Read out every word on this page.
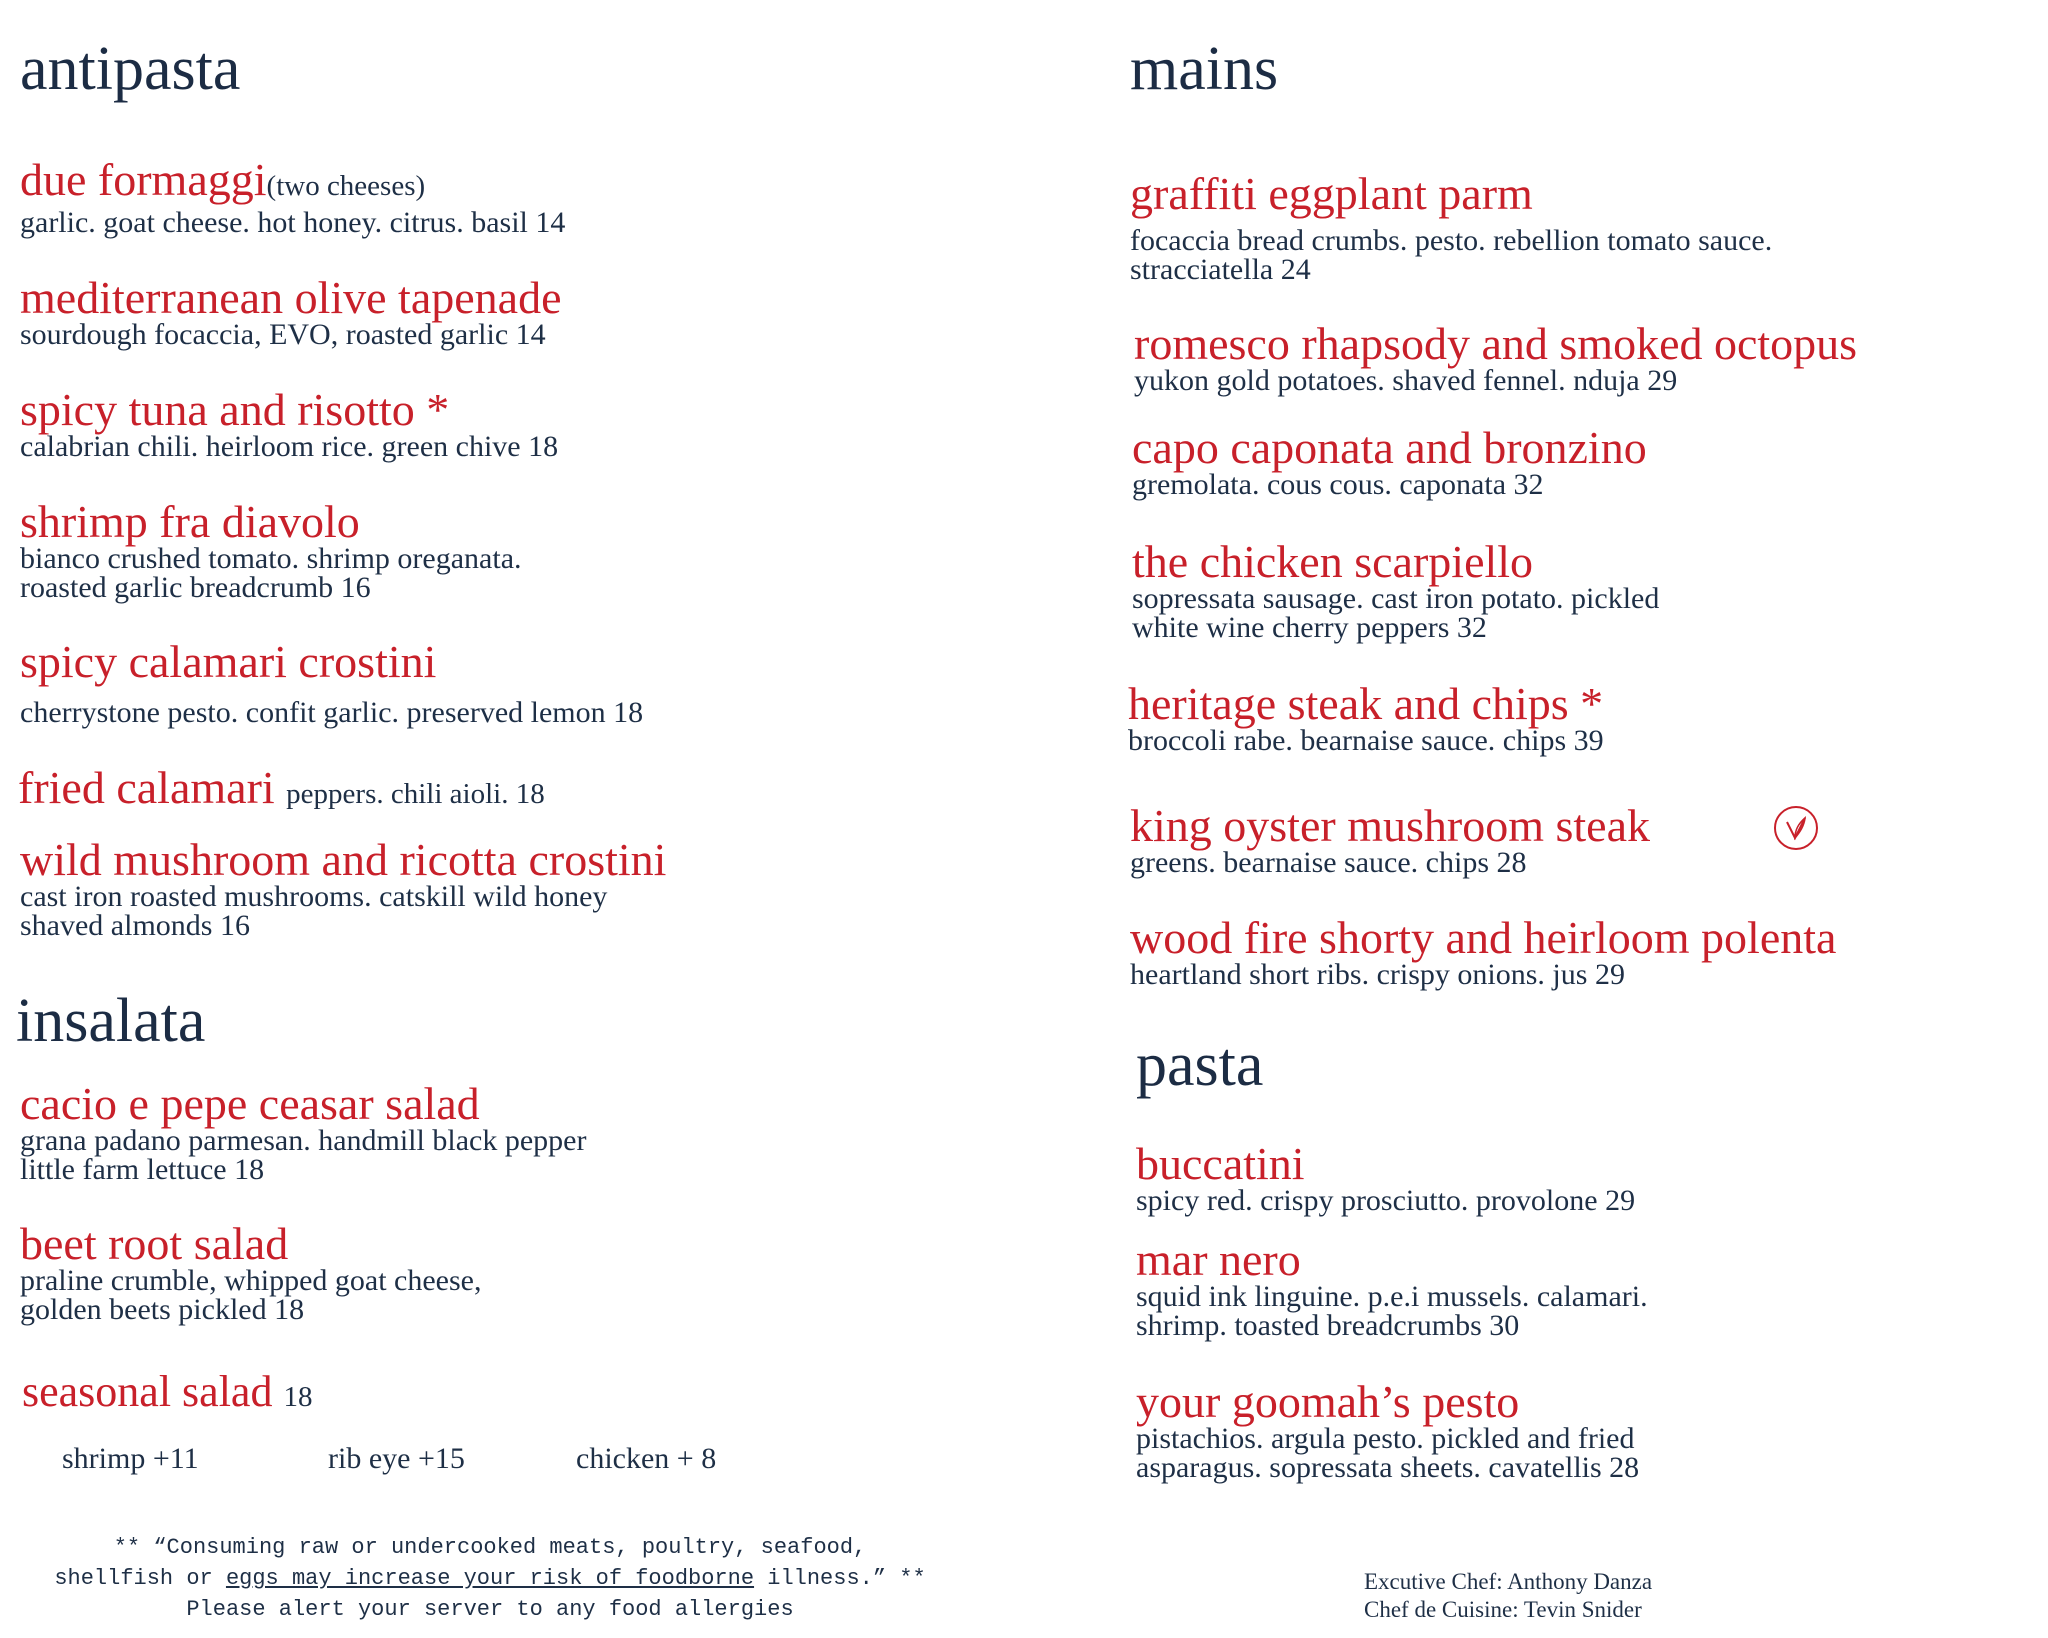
antipasta
due formaggi(two cheeses)
garlic. goat cheese. hot honey. citrus. basil 14
mediterranean olive tapenade
sourdough focaccia, EVO, roasted garlic 14
spicy tuna and risotto *
calabrian chili. heirloom rice. green chive 18
shrimp fra diavolo
bianco crushed tomato. shrimp oreganata.
roasted garlic breadcrumb 16
spicy calamari crostini
cherrystone pesto. confit garlic. preserved lemon 18
fried calamari peppers. chili aioli. 18
wild mushroom and ricotta crostini
cast iron roasted mushrooms. catskill wild honey
shaved almonds 16
insalata
cacio e pepe ceasar salad
grana padano parmesan. handmill black pepper
little farm lettuce 18
beet root salad
praline crumble, whipped goat cheese,
golden beets pickled 18
seasonal salad 18
shrimp +11	rib eye +15	chicken + 8
** “Consuming raw or undercooked meats, poultry, seafood,
shellfish or eggs may increase your risk of foodborne illness.” **
Please alert your server to any food allergies
mains
graffiti eggplant parm
focaccia bread crumbs. pesto. rebellion tomato sauce.
stracciatella 24
romesco rhapsody and smoked octopus
yukon gold potatoes. shaved fennel. nduja 29
capo caponata and bronzino
gremolata. cous cous. caponata 32
the chicken scarpiello
sopressata sausage. cast iron potato. pickled
white wine cherry peppers 32
heritage steak and chips *
broccoli rabe. bearnaise sauce. chips 39
king oyster mushroom steak
greens. bearnaise sauce. chips 28
wood fire shorty and heirloom polenta
heartland short ribs. crispy onions. jus 29
pasta
buccatini
spicy red. crispy prosciutto. provolone 29
mar nero
squid ink linguine. p.e.i mussels. calamari.
shrimp. toasted breadcrumbs 30
your goomah’s pesto
pistachios. argula pesto. pickled and fried
asparagus. sopressata sheets. cavatellis 28
Excutive Chef: Anthony Danza
Chef de Cuisine: Tevin Snider
